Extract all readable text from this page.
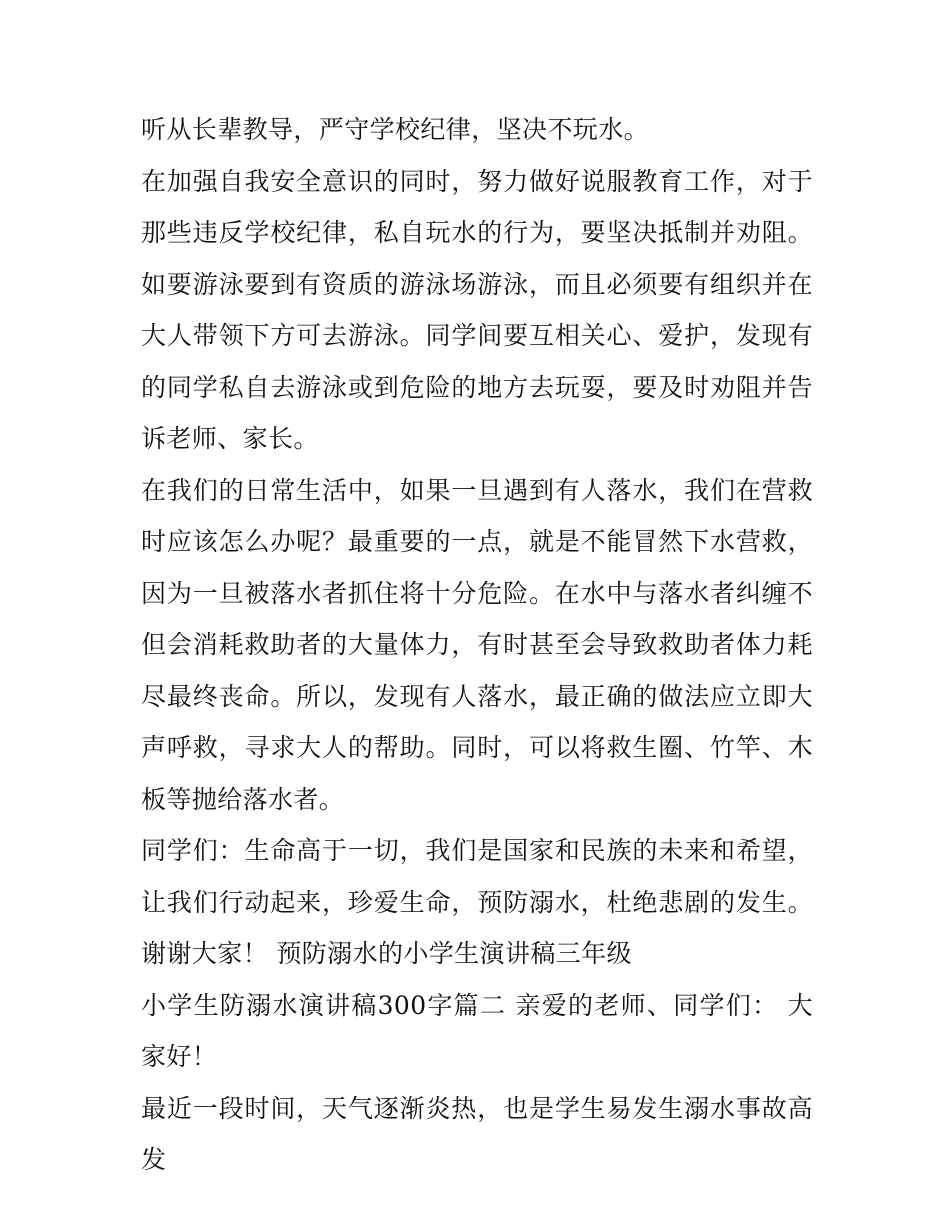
听从长辈教导，严守学校纪律，坚决不玩水。

在加强自我安全意识的同时，努力做好说服教育工作，对于那些违反学校纪律，私自玩水的行为，要坚决抵制并劝阻。如要游泳要到有资质的游泳场游泳，而且必须要有组织并在大人带领下方可去游泳。同学间要互相关心、爱护，发现有的同学私自去游泳或到危险的地方去玩耍，要及时劝阻并告诉老师、家长。

在我们的日常生活中，如果一旦遇到有人落水，我们在营救时应该怎么办呢？最重要的一点，就是不能冒然下水营救，因为一旦被落水者抓住将十分危险。在水中与落水者纠缠不但会消耗救助者的大量体力，有时甚至会导致救助者体力耗尽最终丧命。所以，发现有人落水，最正确的做法应立即大声呼救，寻求大人的帮助。同时，可以将救生圈、竹竿、木板等抛给落水者。

同学们：生命高于一切，我们是国家和民族的未来和希望，让我们行动起来，珍爱生命，预防溺水，杜绝悲剧的发生。 谢谢大家！ 预防溺水的小学生演讲稿三年级

小学生防溺水演讲稿300字篇二 亲爱的老师、同学们： 大家好！

最近一段时间，天气逐渐炎热，也是学生易发生溺水事故高发
